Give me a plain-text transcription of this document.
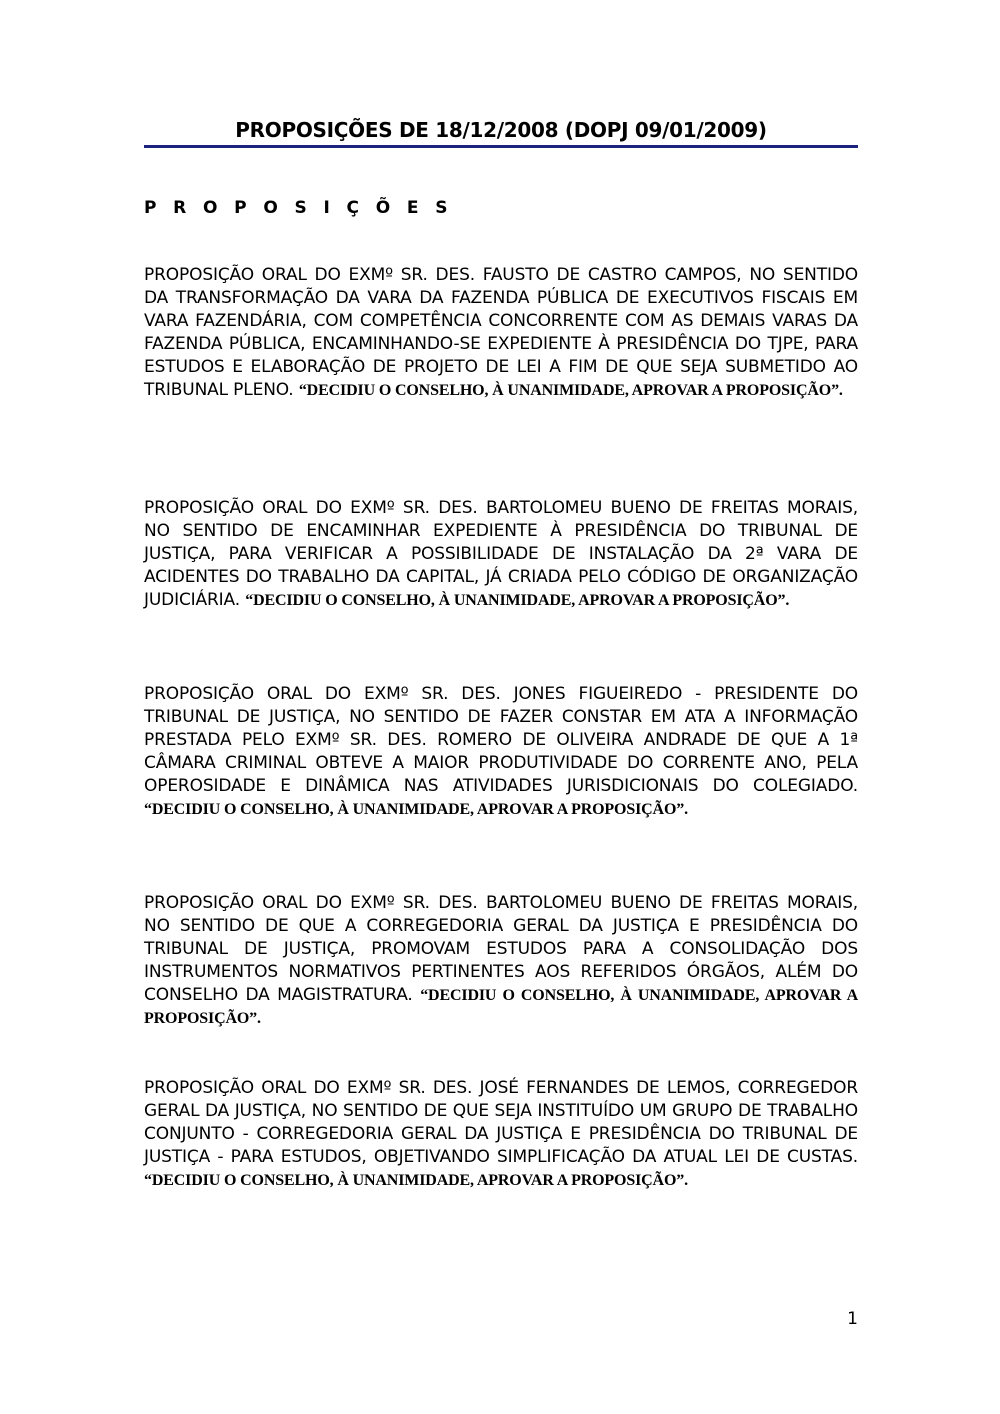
PROPOSIÇÕES DE 18/12/2008 (DOPJ 09/01/2009)
P R O P O S I Ç Õ E S

PROPOSIÇÃO ORAL DO EXMº SR. DES. FAUSTO DE CASTRO CAMPOS, NO SENTIDO DA TRANSFORMAÇÃO DA VARA DA FAZENDA PÚBLICA DE EXECUTIVOS FISCAIS EM VARA FAZENDÁRIA, COM COMPETÊNCIA CONCORRENTE COM AS DEMAIS VARAS DA FAZENDA PÚBLICA, ENCAMINHANDO-SE EXPEDIENTE À PRESIDÊNCIA DO TJPE, PARA ESTUDOS E ELABORAÇÃO DE PROJETO DE LEI A FIM DE QUE SEJA SUBMETIDO AO TRIBUNAL PLENO. “DECIDIU O CONSELHO, À UNANIMIDADE, APROVAR A PROPOSIÇÃO”.

PROPOSIÇÃO ORAL DO EXMº SR. DES. BARTOLOMEU BUENO DE FREITAS MORAIS, NO SENTIDO DE ENCAMINHAR EXPEDIENTE À PRESIDÊNCIA DO TRIBUNAL DE JUSTIÇA, PARA VERIFICAR A POSSIBILIDADE DE INSTALAÇÃO DA 2ª VARA DE ACIDENTES DO TRABALHO DA CAPITAL, JÁ CRIADA PELO CÓDIGO DE ORGANIZAÇÃO JUDICIÁRIA. “DECIDIU O CONSELHO, À UNANIMIDADE, APROVAR A PROPOSIÇÃO”.

PROPOSIÇÃO ORAL DO EXMº SR. DES. JONES FIGUEIREDO - PRESIDENTE DO TRIBUNAL DE JUSTIÇA, NO SENTIDO DE FAZER CONSTAR EM ATA A INFORMAÇÃO PRESTADA PELO EXMº SR. DES. ROMERO DE OLIVEIRA ANDRADE DE QUE A 1ª CÂMARA CRIMINAL OBTEVE A MAIOR PRODUTIVIDADE DO CORRENTE ANO, PELA OPEROSIDADE E DINÂMICA NAS ATIVIDADES JURISDICIONAIS DO COLEGIADO. “DECIDIU O CONSELHO, À UNANIMIDADE, APROVAR A PROPOSIÇÃO”.

PROPOSIÇÃO ORAL DO EXMº SR. DES. BARTOLOMEU BUENO DE FREITAS MORAIS, NO SENTIDO DE QUE A CORREGEDORIA GERAL DA JUSTIÇA E PRESIDÊNCIA DO TRIBUNAL DE JUSTIÇA, PROMOVAM ESTUDOS PARA A CONSOLIDAÇÃO DOS INSTRUMENTOS NORMATIVOS PERTINENTES AOS REFERIDOS ÓRGÃOS, ALÉM DO CONSELHO DA MAGISTRATURA. “DECIDIU O CONSELHO, À UNANIMIDADE, APROVAR A PROPOSIÇÃO”.

PROPOSIÇÃO ORAL DO EXMº SR. DES. JOSÉ FERNANDES DE LEMOS, CORREGEDOR GERAL DA JUSTIÇA, NO SENTIDO DE QUE SEJA INSTITUÍDO UM GRUPO DE TRABALHO CONJUNTO - CORREGEDORIA GERAL DA JUSTIÇA E PRESIDÊNCIA DO TRIBUNAL DE JUSTIÇA - PARA ESTUDOS, OBJETIVANDO SIMPLIFICAÇÃO DA ATUAL LEI DE CUSTAS. “DECIDIU O CONSELHO, À UNANIMIDADE, APROVAR A PROPOSIÇÃO”.

1
